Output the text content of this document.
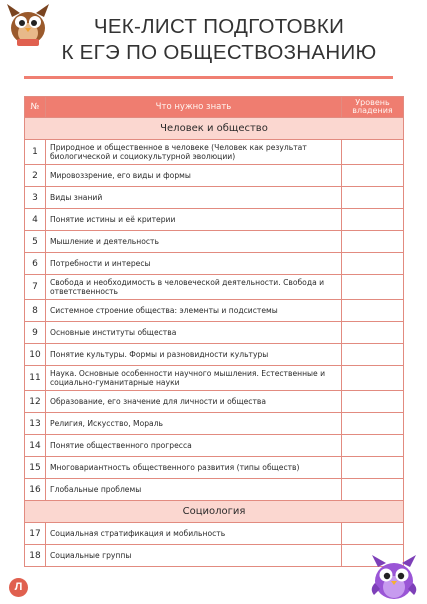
ЧЕК-ЛИСТ ПОДГОТОВКИ
К ЕГЭ ПО ОБЩЕСТВОЗНАНИЮ
№	Что нужно знать	Уровень владения
Человек и общество		
1	Природное и общественное в человеке (Человек как результат биологической и социокультурной эволюции)	
2	Мировоззрение, его виды и формы	
3	Виды знаний	
4	Понятие истины и её критерии	
5	Мышление и деятельность	
6	Потребности и интересы	
7	Свобода и необходимость в человеческой деятельности. Свобода и ответственность	
8	Системное строение общества: элементы и подсистемы	
9	Основные институты общества	
10	Понятие культуры. Формы и разновидности культуры	
11	Наука. Основные особенности научного мышления. Естественные и социально-гуманитарные науки	
12	Образование, его значение для личности и общества	
13	Религия, Искусство, Мораль	
14	Понятие общественного прогресса	
15	Многовариантность общественного развития (типы обществ)	
16	Глобальные проблемы	
Социология		
17	Социальная стратификация и мобильность	
18	Социальные группы	
Л
